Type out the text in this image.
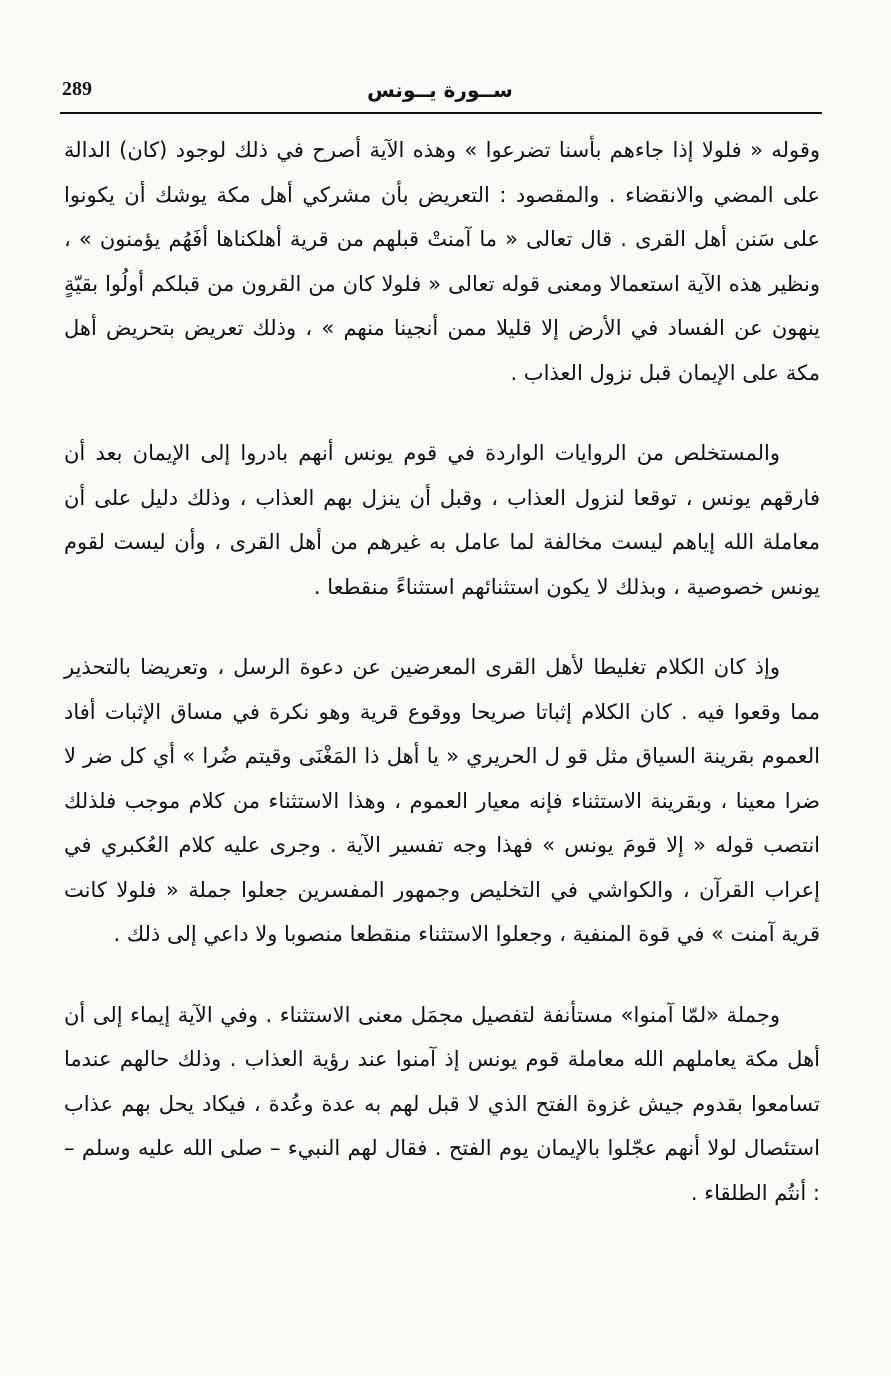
289	ســورة يــونس

وقوله « فلولا إذا جاءهم بأسنا تضرعوا » وهذه الآية أصرح في ذلك لوجود (كان) الدالة على المضي والانقضاء . والمقصود : التعريض بأن مشركي أهل مكة يوشك أن يكونوا على سَنن أهل القرى . قال تعالى « ما آمنتْ قبلهم من قرية أهلكناها أفَهُم يؤمنون » ، ونظير هذه الآية استعمالا ومعنى قوله تعالى « فلولا كان من القرون من قبلكم أولُوا بقيّةٍ ينهون عن الفساد في الأرض إلا قليلا ممن أنجينا منهم » ، وذلك تعريض بتحريض أهل مكة على الإيمان قبل نزول العذاب .

والمستخلص من الروايات الواردة في قوم يونس أنهم بادروا إلى الإيمان بعد أن فارقهم يونس ، توقعا لنزول العذاب ، وقبل أن ينزل بهم العذاب ، وذلك دليل على أن معاملة الله إياهم ليست مخالفة لما عامل به غيرهم من أهل القرى ، وأن ليست لقوم يونس خصوصية ، وبذلك لا يكون استثنائهم استثناءً منقطعا .

وإذ كان الكلام تغليطا لأهل القرى المعرضين عن دعوة الرسل ، وتعريضا بالتحذير مما وقعوا فيه . كان الكلام إثباتا صريحا ووقوع قرية وهو نكرة في مساق الإثبات أفاد العموم بقرينة السياق مثل قو ل الحريري « يا أهل ذا المَغْنَى وقيتم ضُرا » أي كل ضر لا ضرا معينا ، وبقرينة الاستثناء فإنه معيار العموم ، وهذا الاستثناء من كلام موجب فلذلك انتصب قوله « إلا قومَ يونس » فهذا وجه تفسير الآية . وجرى عليه كلام العُكبري في إعراب القرآن ، والكواشي في التخليص وجمهور المفسرين جعلوا جملة « فلولا كانت قرية آمنت » في قوة المنفية ، وجعلوا الاستثناء منقطعا منصوبا ولا داعي إلى ذلك .

وجملة «لمّا آمنوا» مستأنفة لتفصيل مجمَل معنى الاستثناء . وفي الآية إيماء إلى أن أهل مكة يعاملهم الله معاملة قوم يونس إذ آمنوا عند رؤية العذاب . وذلك حالهم عندما تسامعوا بقدوم جيش غزوة الفتح الذي لا قبل لهم به عدة وعُدة ، فيكاد يحل بهم عذاب استئصال لولا أنهم عجّلوا بالإيمان يوم الفتح . فقال لهم النبيء – صلى الله عليه وسلم – : أنتُم الطلقاء .
